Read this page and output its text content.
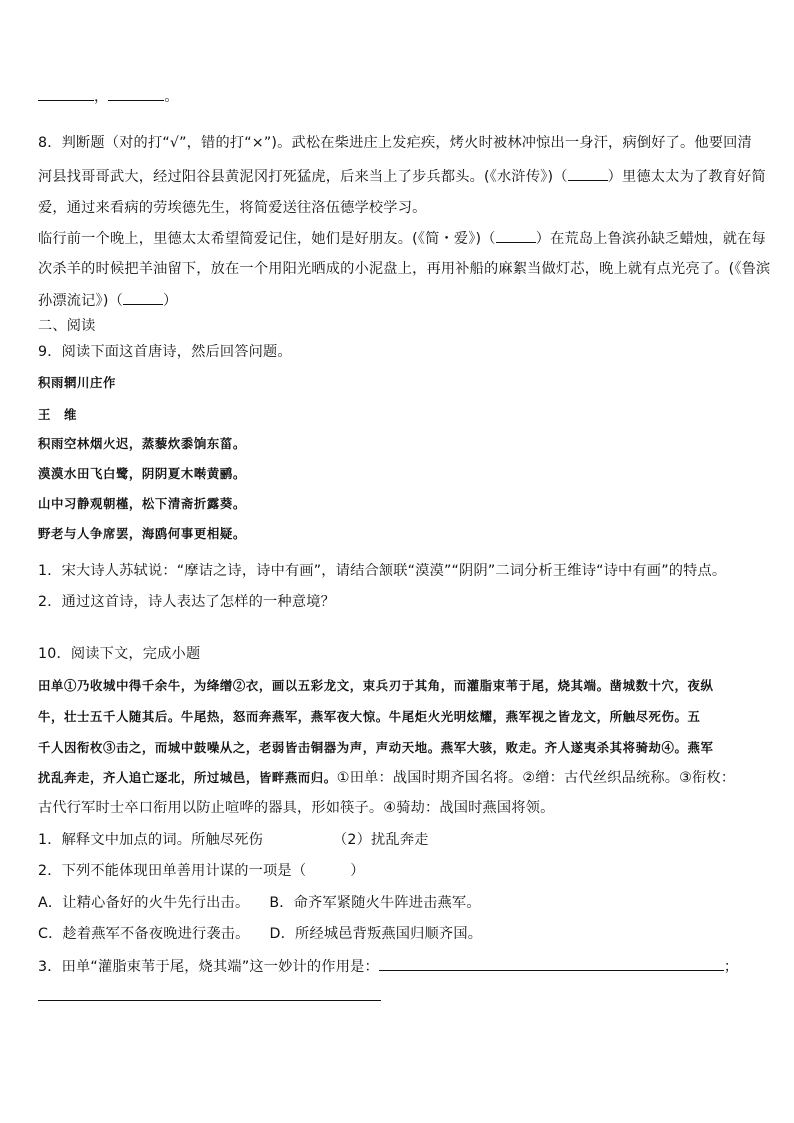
，	。
8．判断题（对的打“√”，错的打“×”)。武松在柴进庄上发疟疾，烤火时被林冲惊出一身汗，病倒好了。他要回清
河县找哥哥武大，经过阳谷县黄泥冈打死猛虎，后来当上了步兵都头。(《水浒传》)（	）里德太太为了教育好简
爱，通过来看病的劳埃德先生，将简爱送往洛伍德学校学习。
临行前一个晚上，里德太太希望简爱记住，她们是好朋友。(《简・爱》)（	）在荒岛上鲁滨孙缺乏蜡烛，就在每
次杀羊的时候把羊油留下，放在一个用阳光晒成的小泥盘上，再用补船的麻絮当做灯芯，晚上就有点光亮了。(《鲁滨
孙漂流记》)（	）
二、阅读
9．阅读下面这首唐诗，然后回答问题。
积雨辋川庄作
王　维
积雨空林烟火迟，蒸藜炊黍饷东菑。
漠漠水田飞白鹭，阴阴夏木啭黄鹂。
山中习静观朝槿，松下清斋折露葵。
野老与人争席罢，海鸥何事更相疑。
1．宋大诗人苏轼说：“摩诘之诗，诗中有画”，请结合颔联“漠漠”“阴阴”二词分析王维诗“诗中有画”的特点。
2．通过这首诗，诗人表达了怎样的一种意境？
10．阅读下文，完成小题
田单①乃收城中得千余牛，为绛缯②衣，画以五彩龙文，束兵刃于其角，而灌脂束苇于尾，烧其端。凿城数十穴，夜纵
牛，壮士五千人随其后。牛尾热，怒而奔燕军，燕军夜大惊。牛尾炬火光明炫耀，燕军视之皆龙文，所触尽死伤。五
千人因衔枚③击之，而城中鼓噪从之，老弱皆击铜器为声，声动天地。燕军大骇，败走。齐人遂夷杀其将骑劫④。燕军
扰乱奔走，齐人追亡逐北，所过城邑，皆畔燕而归。①田单：战国时期齐国名将。②缯：古代丝织品统称。③衔枚：
古代行军时士卒口衔用以防止喧哗的器具，形如筷子。④骑劫：战国时燕国将领。
1．解释文中加点的词。所触尽死伤	（2）扰乱奔走
2．下列不能体现田单善用计谋的一项是（	）
A．让精心备好的火牛先行出击。 B．命齐军紧随火牛阵进击燕军。
C．趁着燕军不备夜晚进行袭击。 D．所经城邑背叛燕国归顺齐国。
3．田单“灌脂束苇于尾，烧其端”这一妙计的作用是：	；
